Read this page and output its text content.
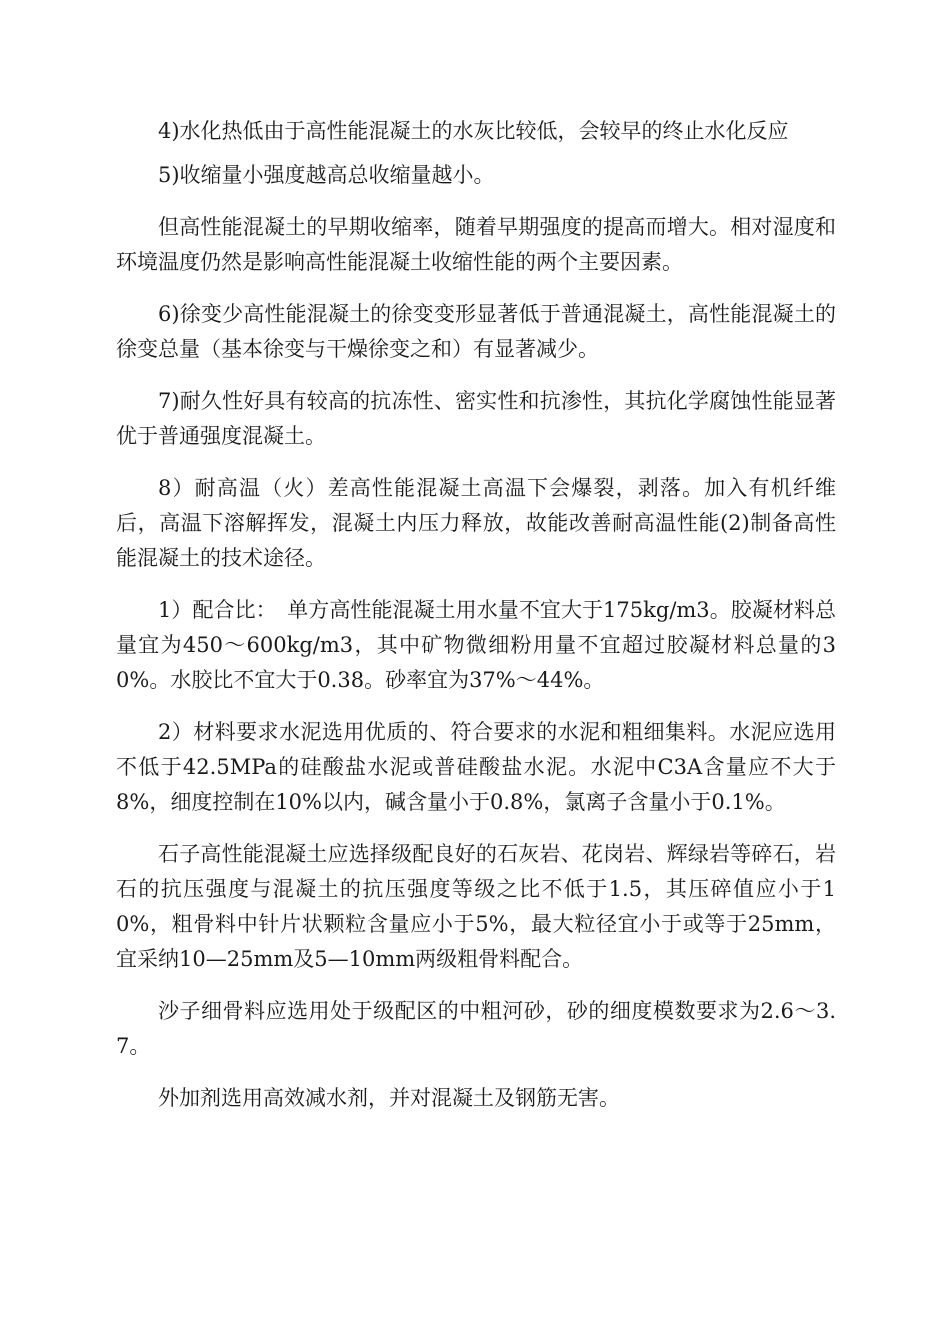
4)水化热低由于高性能混凝土的水灰比较低，会较早的终止水化反应

5)收缩量小强度越高总收缩量越小。

但高性能混凝土的早期收缩率，随着早期强度的提高而增大。相对湿度和环境温度仍然是影响高性能混凝土收缩性能的两个主要因素。

6)徐变少高性能混凝土的徐变变形显著低于普通混凝土，高性能混凝土的徐变总量（基本徐变与干燥徐变之和）有显著减少。

7)耐久性好具有较高的抗冻性、密实性和抗渗性，其抗化学腐蚀性能显著优于普通强度混凝土。

8）耐高温（火）差高性能混凝土高温下会爆裂，剥落。加入有机纤维后，高温下溶解挥发，混凝土内压力释放，故能改善耐高温性能(2)制备高性能混凝土的技术途径。

1）配合比：　单方高性能混凝土用水量不宜大于175kg/m3。胶凝材料总量宜为450～600kg/m3，其中矿物微细粉用量不宜超过胶凝材料总量的30%。水胶比不宜大于0.38。砂率宜为37%～44%。

2）材料要求水泥选用优质的、符合要求的水泥和粗细集料。水泥应选用不低于42.5MPa的硅酸盐水泥或普硅酸盐水泥。水泥中C3A含量应不大于8%，细度控制在10%以内，碱含量小于0.8%，氯离子含量小于0.1%。

石子高性能混凝土应选择级配良好的石灰岩、花岗岩、辉绿岩等碎石，岩石的抗压强度与混凝土的抗压强度等级之比不低于1.5，其压碎值应小于10%，粗骨料中针片状颗粒含量应小于5%，最大粒径宜小于或等于25mm，宜采纳10—25mm及5—10mm两级粗骨料配合。

沙子细骨料应选用处于级配区的中粗河砂，砂的细度模数要求为2.6～3.7。

外加剂选用高效减水剂，并对混凝土及钢筋无害。
